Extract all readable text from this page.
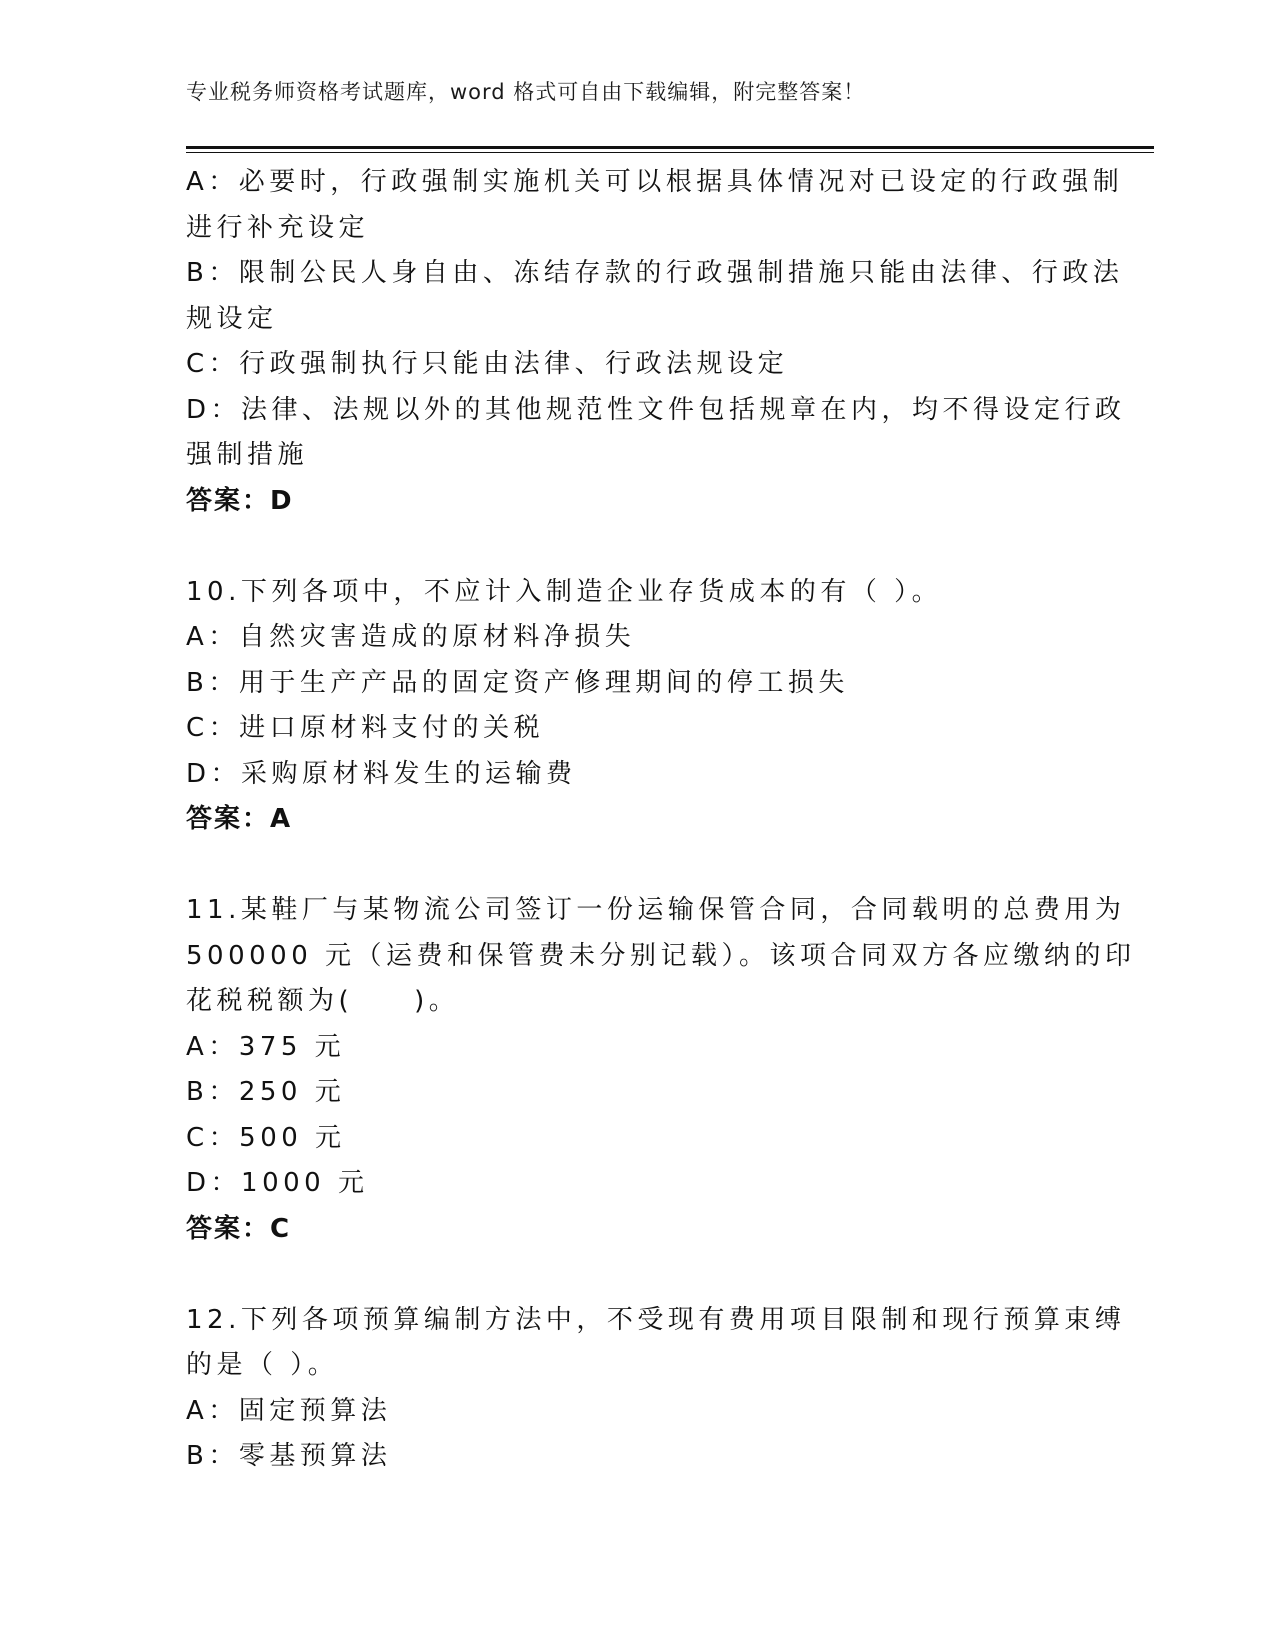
专业税务师资格考试题库，word 格式可自由下载编辑，附完整答案！
A：必要时，行政强制实施机关可以根据具体情况对已设定的行政强制
进行补充设定
B：限制公民人身自由、冻结存款的行政强制措施只能由法律、行政法
规设定
C：行政强制执行只能由法律、行政法规设定
D：法律、法规以外的其他规范性文件包括规章在内，均不得设定行政
强制措施
答案：D
10.下列各项中，不应计入制造企业存货成本的有（ ）。
A：自然灾害造成的原材料净损失
B：用于生产产品的固定资产修理期间的停工损失
C：进口原材料支付的关税
D：采购原材料发生的运输费
答案：A
11.某鞋厂与某物流公司签订一份运输保管合同，合同载明的总费用为
500000 元（运费和保管费未分别记载）。该项合同双方各应缴纳的印
花税税额为(　　)。
A：375 元
B：250 元
C：500 元
D：1000 元
答案：C
12.下列各项预算编制方法中，不受现有费用项目限制和现行预算束缚
的是（ ）。
A：固定预算法
B：零基预算法
